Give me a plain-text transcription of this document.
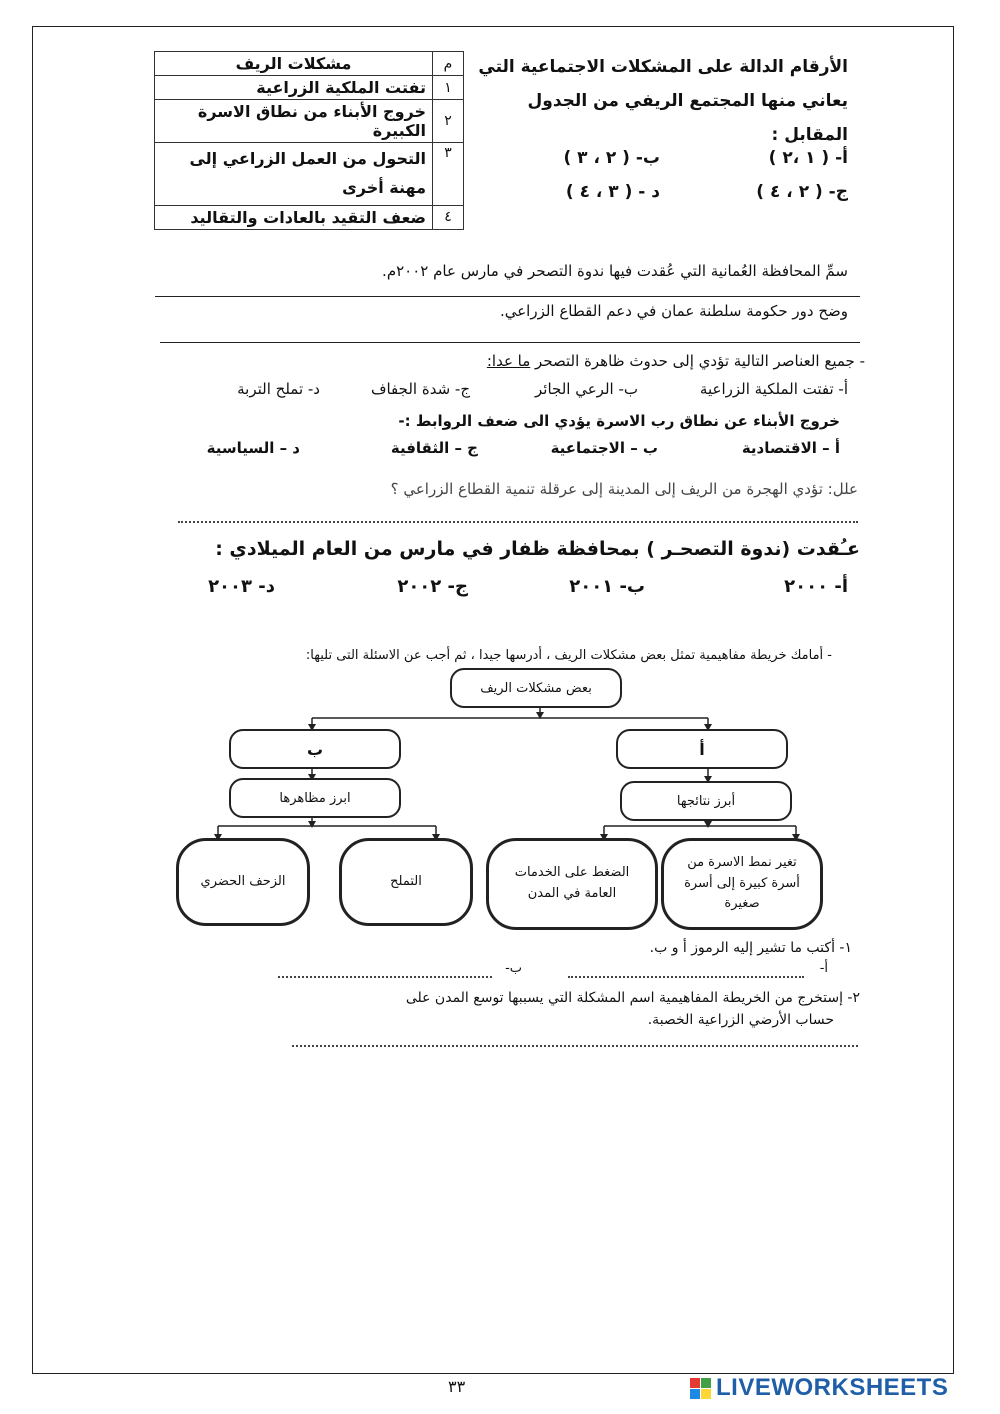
م	مشكلات الريف
١	تفتت الملكية الزراعية
٢	خروج الأبناء من نطاق الاسرة الكبيرة
٣	التحول من العمل الزراعي إلى مهنة أخرى
٤	ضعف التقيد بالعادات والتقاليد
الأرقام الدالة على المشكلات الاجتماعية التي
يعاني منها المجتمع الريفي من الجدول المقابل :
أ- ( ١ ،٢ )
ب- ( ٢ ، ٣ )
ج- ( ٢ ، ٤ )
د - ( ٣ ، ٤ )
سمِّ المحافظة العُمانية التي عُقدت فيها ندوة التصحر في مارس عام ٢٠٠٢م.
وضح دور حكومة سلطنة عمان في دعم القطاع الزراعي.
- جميع العناصر التالية تؤدي إلى حدوث ظاهرة التصحر ما عدا:
أ- تفتت الملكية الزراعية
ب- الرعي الجائر
ج- شدة الجفاف
د- تملح التربة
خروج الأبناء عن نطاق رب الاسرة يؤدي الى ضعف الروابط :-
أ – الاقتصادية
ب – الاجتماعية
ج – الثقافية
د – السياسية
علل: تؤدي الهجرة من الريف إلى المدينة إلى عرقلة تنمية القطاع الزراعي ؟
عـُقدت (ندوة التصحـر ) بمحافظة ظفار في مارس من العام الميلادي :
أ- ٢٠٠٠
ب- ٢٠٠١
ج- ٢٠٠٢
د- ٢٠٠٣
- أمامك خريطة مفاهيمية تمثل بعض مشكلات الريف ، أدرسها جيدا ، ثم أجب عن الاسئلة التى تليها:
بعض مشكلات الريف
ب	أ
ابرز مظاهرها	أبرز نتائجها
الزحف الحضري	التملح
الضغط على الخدمات العامة في المدن
تغير نمط الاسرة من أسرة كبيرة إلى أسرة صغيرة
١- أكتب ما تشير إليه الرموز أ و ب.
أ-
ب-
٢- إستخرج من الخريطة المفاهيمية اسم المشكلة التي يسببها توسع المدن على
حساب الأرضي الزراعية الخصبة.
٣٣	LIVEWORKSHEETS
